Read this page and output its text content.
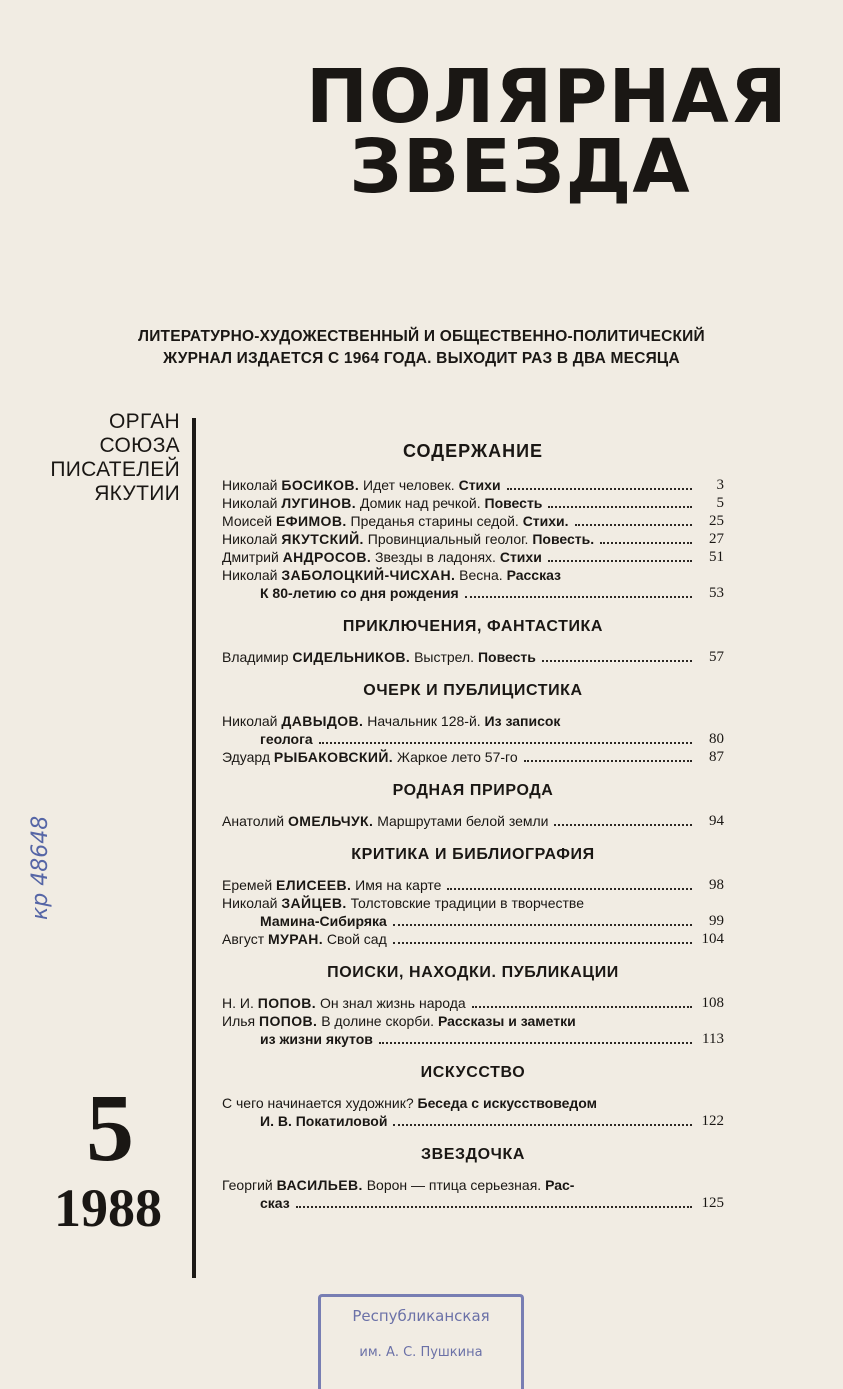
ПОЛЯРНАЯ
ЗВЕЗДА
ЛИТЕРАТУРНО-ХУДОЖЕСТВЕННЫЙ И ОБЩЕСТВЕННО-ПОЛИТИЧЕСКИЙ
ЖУРНАЛ ИЗДАЕТСЯ С 1964 ГОДА. ВЫХОДИТ РАЗ В ДВА МЕСЯЦА
ОРГАН
СОЮЗА
ПИСАТЕЛЕЙ
ЯКУТИИ
кр 48648
5
1988
СОДЕРЖАНИЕ
Николай БОСИКОВ. Идет человек. Стихи	3
Николай ЛУГИНОВ. Домик над речкой. Повесть	5
Моисей ЕФИМОВ. Преданья старины седой. Стихи.	25
Николай ЯКУТСКИЙ. Провинциальный геолог. Повесть.	27
Дмитрий АНДРОСОВ. Звезды в ладонях. Стихи	51
Николай ЗАБОЛОЦКИЙ-ЧИСХАН. Весна. Рассказ
К 80-летию со дня рождения	53
ПРИКЛЮЧЕНИЯ, ФАНТАСТИКА
Владимир СИДЕЛЬНИКОВ. Выстрел. Повесть	57
ОЧЕРК И ПУБЛИЦИСТИКА
Николай ДАВЫДОВ. Начальник 128-й. Из записок
геолога	80
Эдуард РЫБАКОВСКИЙ. Жаркое лето 57-го	87
РОДНАЯ ПРИРОДА
Анатолий ОМЕЛЬЧУК. Маршрутами белой земли	94
КРИТИКА И БИБЛИОГРАФИЯ
Еремей ЕЛИСЕЕВ. Имя на карте	98
Николай ЗАЙЦЕВ. Толстовские традиции в творчестве
Мамина-Сибиряка	99
Август МУРАН. Свой сад	104
ПОИСКИ, НАХОДКИ. ПУБЛИКАЦИИ
Н. И. ПОПОВ. Он знал жизнь народа	108
Илья ПОПОВ. В долине скорби. Рассказы и заметки
из жизни якутов	113
ИСКУССТВО
С чего начинается художник? Беседа с искусствоведом
И. В. Покатиловой	122
ЗВЕЗДОЧКА
Георгий ВАСИЛЬЕВ. Ворон — птица серьезная. Рас-
сказ	125
Республиканская
им. А. С. Пушкина
